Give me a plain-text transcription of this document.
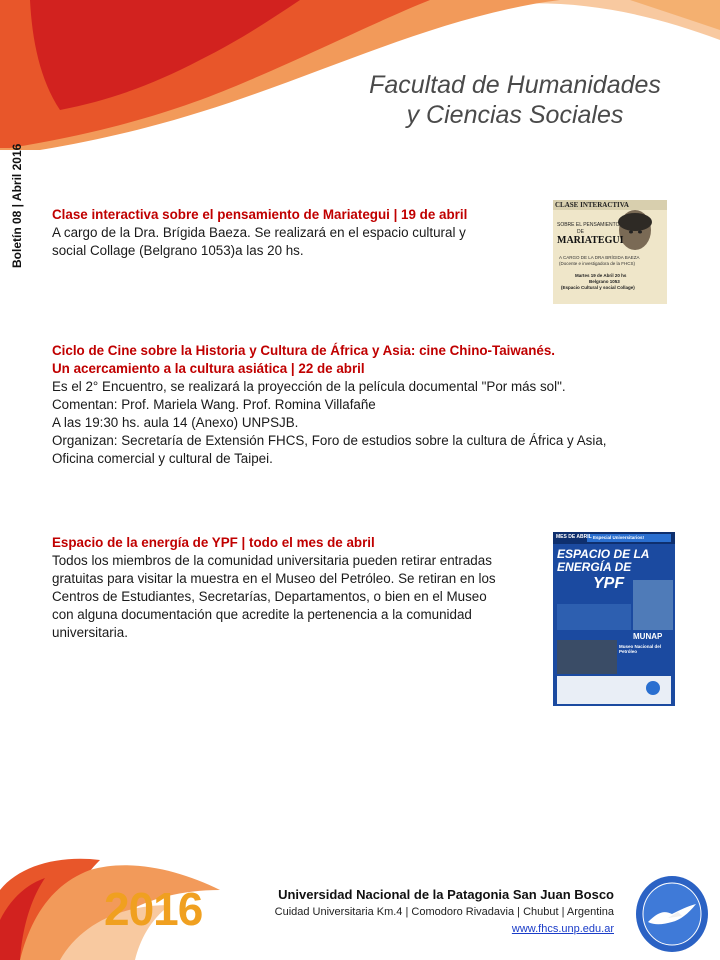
Facultad de Humanidades
y Ciencias Sociales
Boletín 08 | Abril 2016 Clase interactiva sobre el pensamiento de Mariategui | 19 de abril
A cargo de la Dra. Brígida Baeza. Se realizará en el espacio cultural y
social Collage (Belgrano 1053)a las 20 hs.
CLASE INTERACTIVA
SOBRE EL PENSAMIENTO
DE
MARIATEGUI
A CARGO DE LA DRA BRÍGIDA BAEZA
(Docente e investigadora de la FHCS)
Martes 19 de Abril 20 hs
Belgrano 1053
(Espacio Cultural y social Collage)
Ciclo de Cine sobre la Historia y Cultura de África y Asia: cine Chino-Taiwanés.
Un acercamiento a la cultura asiática | 22 de abril
Es el 2° Encuentro, se realizará la proyección de la película documental "Por más sol".
Comentan: Prof. Mariela Wang. Prof. Romina Villafañe
A las 19:30 hs. aula 14 (Anexo) UNPSJB.
Organizan: Secretaría de Extensión FHCS, Foro de estudios sobre la cultura de África y Asia,
Oficina comercial y cultural de Taipei.
Espacio de la energía de YPF | todo el mes de abril
Todos los miembros de la comunidad universitaria pueden retirar entradas
gratuitas para visitar la muestra en el Museo del Petróleo. Se retiran en los
Centros de Estudiantes, Secretarías, Departamentos, o bien en el Museo
con alguna documentación que acredite la pertenencia a la comunidad
universitaria.
MES DE ABRIL Especial Universitarios!
ESPACIO DE LA
ENERGÍA DE
YPF
MUNAP
Museo Nacional del Petróleo
2016	Universidad Nacional de la Patagonia San Juan Bosco
Cuidad Universitaria Km.4 | Comodoro Rivadavia | Chubut | Argentina
www.fhcs.unp.edu.ar
